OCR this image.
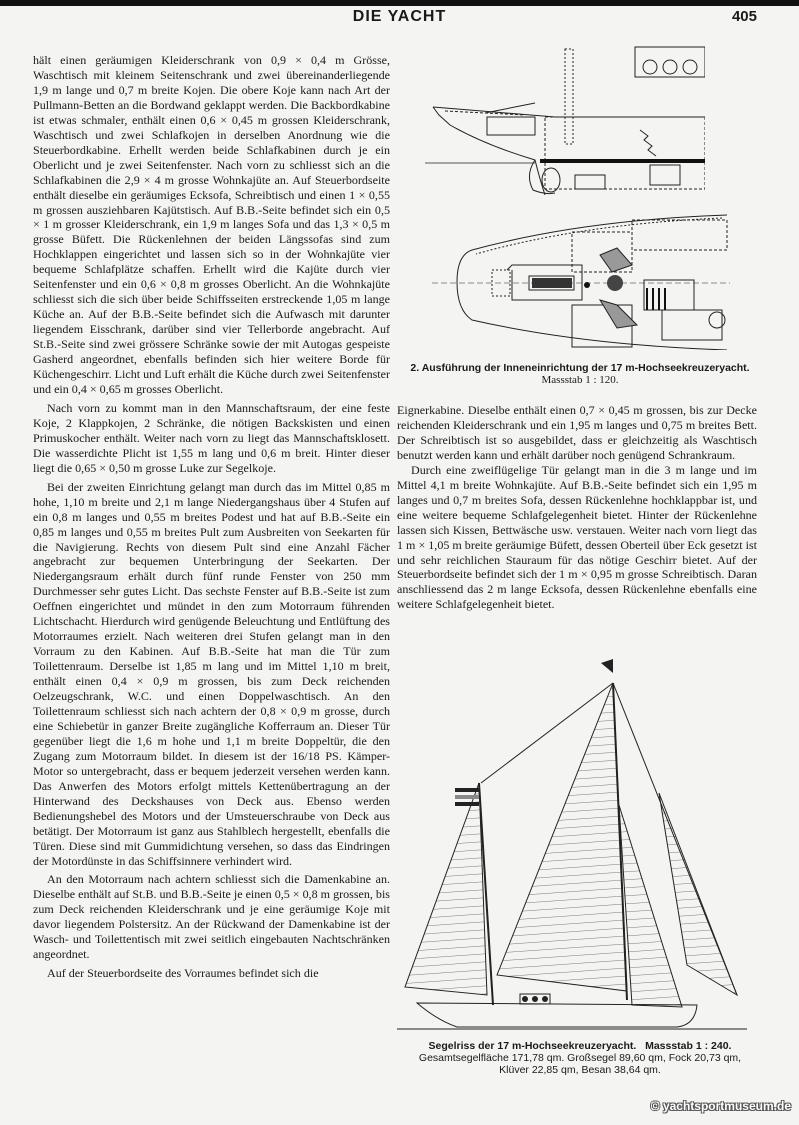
DIE YACHT	405

hält einen geräumigen Kleiderschrank von 0,9 × 0,4 m Grösse, Waschtisch mit kleinem Seitenschrank und zwei übereinanderliegende 1,9 m lange und 0,7 m breite Kojen. Die obere Koje kann nach Art der Pullmann-Betten an die Bordwand geklappt werden. Die Backbordkabine ist etwas schmaler, enthält einen 0,6 × 0,45 m grossen Kleiderschrank, Waschtisch und zwei Schlafkojen in derselben Anordnung wie die Steuerbordkabine. Erhellt werden beide Schlafkabinen durch je ein Oberlicht und je zwei Seitenfenster. Nach vorn zu schliesst sich an die Schlafkabinen die 2,9 × 4 m grosse Wohnkajüte an. Auf Steuerbordseite enthält dieselbe ein geräumiges Ecksofa, Schreibtisch und einen 1 × 0,55 m grossen ausziehbaren Kajütstisch. Auf B.B.-Seite befindet sich ein 0,5 × 1 m grosser Kleiderschrank, ein 1,9 m langes Sofa und das 1,3 × 0,5 m grosse Büfett. Die Rückenlehnen der beiden Längssofas sind zum Hochklappen eingerichtet und lassen sich so in der Wohnkajüte vier bequeme Schlafplätze schaffen. Erhellt wird die Kajüte durch vier Seitenfenster und ein 0,6 × 0,8 m grosses Oberlicht. An die Wohnkajüte schliesst sich die sich über beide Schiffsseiten erstreckende 1,05 m lange Küche an. Auf der B.B.-Seite befindet sich die Aufwasch mit darunter liegendem Eisschrank, darüber sind vier Tellerborde angebracht. Auf St.B.-Seite sind zwei grössere Schränke sowie der mit Autogas gespeiste Gasherd angeordnet, ebenfalls befinden sich hier weitere Borde für Küchengeschirr. Licht und Luft erhält die Küche durch zwei Seitenfenster und ein 0,4 × 0,65 m grosses Oberlicht.

Nach vorn zu kommt man in den Mannschaftsraum, der eine feste Koje, 2 Klappkojen, 2 Schränke, die nötigen Backskisten und einen Primuskocher enthält. Weiter nach vorn zu liegt das Mannschaftsklosett. Die wasserdichte Plicht ist 1,55 m lang und 0,6 m breit. Hinter dieser liegt die 0,65 × 0,50 m grosse Luke zur Segelkoje.

Bei der zweiten Einrichtung gelangt man durch das im Mittel 0,85 m hohe, 1,10 m breite und 2,1 m lange Niedergangshaus über 4 Stufen auf ein 0,8 m langes und 0,55 m breites Podest und hat auf B.B.-Seite ein 0,85 m langes und 0,55 m breites Pult zum Ausbreiten von Seekarten für die Navigierung. Rechts von diesem Pult sind eine Anzahl Fächer angebracht zur bequemen Unterbringung der Seekarten. Der Niedergangsraum erhält durch fünf runde Fenster von 250 mm Durchmesser sehr gutes Licht. Das sechste Fenster auf B.B.-Seite ist zum Oeffnen eingerichtet und mündet in den zum Motorraum führenden Lichtschacht. Hierdurch wird genügende Beleuchtung und Entlüftung des Motorraumes erzielt. Nach weiteren drei Stufen gelangt man in den Vorraum zu den Kabinen. Auf B.B.-Seite hat man die Tür zum Toilettenraum. Derselbe ist 1,85 m lang und im Mittel 1,10 m breit, enthält einen 0,4 × 0,9 m grossen, bis zum Deck reichenden Oelzeugschrank, W.C. und einen Doppelwaschtisch. An den Toilettenraum schliesst sich nach achtern der 0,8 × 0,9 m grosse, durch eine Schiebetür in ganzer Breite zugängliche Kofferraum an. Dieser Tür gegenüber liegt die 1,6 m hohe und 1,1 m breite Doppeltür, die den Zugang zum Motorraum bildet. In diesem ist der 16/18 PS. Kämper-Motor so untergebracht, dass er bequem jederzeit versehen werden kann. Das Anwerfen des Motors erfolgt mittels Kettenübertragung an der Hinterwand des Deckshauses von Deck aus. Ebenso werden Bedienungshebel des Motors und der Umsteuerschraube von Deck aus betätigt. Der Motorraum ist ganz aus Stahlblech hergestellt, ebenfalls die Türen. Diese sind mit Gummidichtung versehen, so dass das Eindringen der Motordünste in das Schiffsinnere verhindert wird.

An den Motorraum nach achtern schliesst sich die Damenkabine an. Dieselbe enthält auf St.B. und B.B.-Seite je einen 0,5 × 0,8 m grossen, bis zum Deck reichenden Kleiderschrank und je eine geräumige Koje mit davor liegendem Polstersitz. An der Rückwand der Damenkabine ist der Wasch- und Toilettentisch mit zwei seitlich eingebauten Nachtschränken angeordnet.

Auf der Steuerbordseite des Vorraumes befindet sich die

2. Ausführung der Inneneinrichtung der 17 m-Hochseekreuzeryacht.
Massstab 1 : 120.

Eignerkabine. Dieselbe enthält einen 0,7 × 0,45 m grossen, bis zur Decke reichenden Kleiderschrank und ein 1,95 m langes und 0,75 m breites Bett. Der Schreibtisch ist so ausgebildet, dass er gleichzeitig als Waschtisch benutzt werden kann und erhält darüber noch genügend Schrankraum.

Durch eine zweiflügelige Tür gelangt man in die 3 m lange und im Mittel 4,1 m breite Wohnkajüte. Auf B.B.-Seite befindet sich ein 1,95 m langes und 0,7 m breites Sofa, dessen Rückenlehne hochklappbar ist, und eine weitere bequeme Schlafgelegenheit bietet. Hinter der Rückenlehne lassen sich Kissen, Bettwäsche usw. verstauen. Weiter nach vorn liegt das 1 m × 1,05 m breite geräumige Büfett, dessen Oberteil über Eck gesetzt ist und sehr reichlichen Stauraum für das nötige Geschirr bietet. Auf der Steuerbordseite befindet sich der 1 m × 0,95 m grosse Schreibtisch. Daran anschliessend das 2 m lange Ecksofa, dessen Rückenlehne ebenfalls eine weitere Schlafgelegenheit bietet.

Segelriss der 17 m-Hochseekreuzeryacht. Massstab 1 : 240.
Gesamtsegelfläche 171,78 qm. Großsegel 89,60 qm, Fock 20,73 qm,
Klüver 22,85 qm, Besan 38,64 qm.
© yachtsportmuseum.de
